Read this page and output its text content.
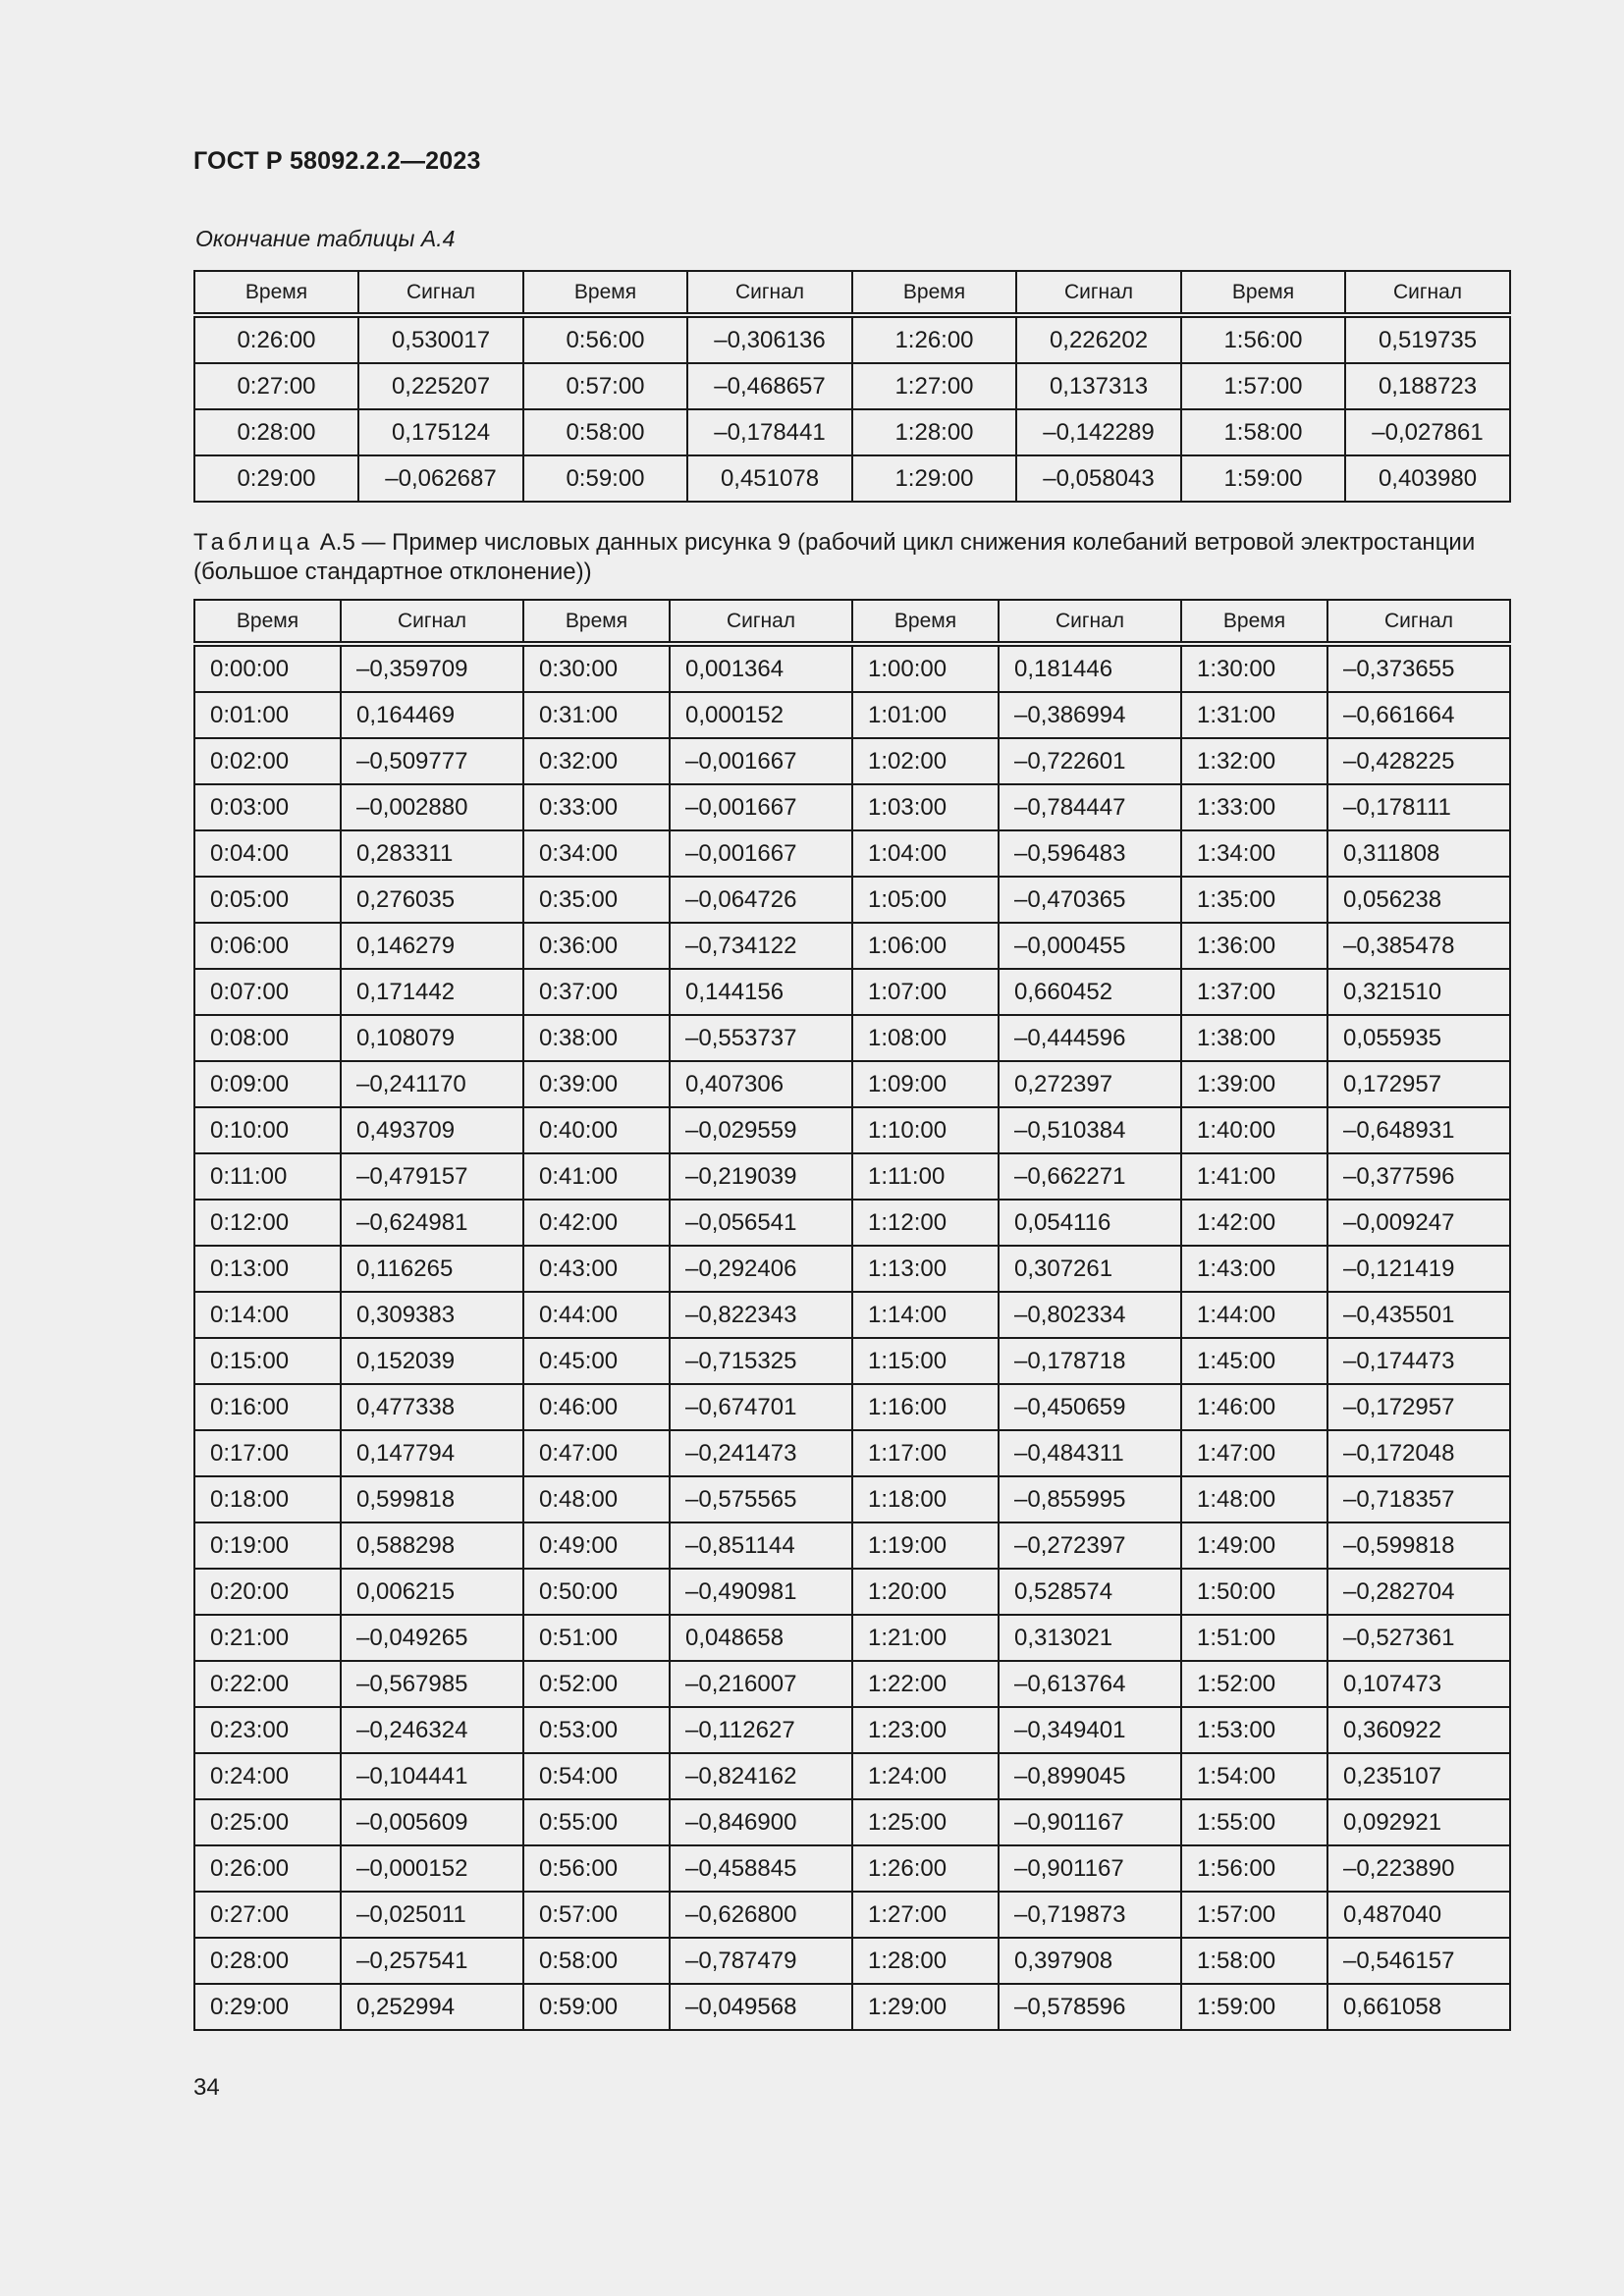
ГОСТ Р 58092.2.2—2023
Окончание таблицы А.4
Время	Сигнал	Время	Сигнал	Время	Сигнал	Время	Сигнал
0:26:00	0,530017	0:56:00	–0,306136	1:26:00	0,226202	1:56:00	0,519735
0:27:00	0,225207	0:57:00	–0,468657	1:27:00	0,137313	1:57:00	0,188723
0:28:00	0,175124	0:58:00	–0,178441	1:28:00	–0,142289	1:58:00	–0,027861
0:29:00	–0,062687	0:59:00	0,451078	1:29:00	–0,058043	1:59:00	0,403980
Таблица А.5 — Пример числовых данных рисунка 9 (рабочий цикл снижения колебаний ветровой электростанции (большое стандартное отклонение))
Время	Сигнал	Время	Сигнал	Время	Сигнал	Время	Сигнал
0:00:00	–0,359709	0:30:00	0,001364	1:00:00	0,181446	1:30:00	–0,373655
0:01:00	0,164469	0:31:00	0,000152	1:01:00	–0,386994	1:31:00	–0,661664
0:02:00	–0,509777	0:32:00	–0,001667	1:02:00	–0,722601	1:32:00	–0,428225
0:03:00	–0,002880	0:33:00	–0,001667	1:03:00	–0,784447	1:33:00	–0,178111
0:04:00	0,283311	0:34:00	–0,001667	1:04:00	–0,596483	1:34:00	0,311808
0:05:00	0,276035	0:35:00	–0,064726	1:05:00	–0,470365	1:35:00	0,056238
0:06:00	0,146279	0:36:00	–0,734122	1:06:00	–0,000455	1:36:00	–0,385478
0:07:00	0,171442	0:37:00	0,144156	1:07:00	0,660452	1:37:00	0,321510
0:08:00	0,108079	0:38:00	–0,553737	1:08:00	–0,444596	1:38:00	0,055935
0:09:00	–0,241170	0:39:00	0,407306	1:09:00	0,272397	1:39:00	0,172957
0:10:00	0,493709	0:40:00	–0,029559	1:10:00	–0,510384	1:40:00	–0,648931
0:11:00	–0,479157	0:41:00	–0,219039	1:11:00	–0,662271	1:41:00	–0,377596
0:12:00	–0,624981	0:42:00	–0,056541	1:12:00	0,054116	1:42:00	–0,009247
0:13:00	0,116265	0:43:00	–0,292406	1:13:00	0,307261	1:43:00	–0,121419
0:14:00	0,309383	0:44:00	–0,822343	1:14:00	–0,802334	1:44:00	–0,435501
0:15:00	0,152039	0:45:00	–0,715325	1:15:00	–0,178718	1:45:00	–0,174473
0:16:00	0,477338	0:46:00	–0,674701	1:16:00	–0,450659	1:46:00	–0,172957
0:17:00	0,147794	0:47:00	–0,241473	1:17:00	–0,484311	1:47:00	–0,172048
0:18:00	0,599818	0:48:00	–0,575565	1:18:00	–0,855995	1:48:00	–0,718357
0:19:00	0,588298	0:49:00	–0,851144	1:19:00	–0,272397	1:49:00	–0,599818
0:20:00	0,006215	0:50:00	–0,490981	1:20:00	0,528574	1:50:00	–0,282704
0:21:00	–0,049265	0:51:00	0,048658	1:21:00	0,313021	1:51:00	–0,527361
0:22:00	–0,567985	0:52:00	–0,216007	1:22:00	–0,613764	1:52:00	0,107473
0:23:00	–0,246324	0:53:00	–0,112627	1:23:00	–0,349401	1:53:00	0,360922
0:24:00	–0,104441	0:54:00	–0,824162	1:24:00	–0,899045	1:54:00	0,235107
0:25:00	–0,005609	0:55:00	–0,846900	1:25:00	–0,901167	1:55:00	0,092921
0:26:00	–0,000152	0:56:00	–0,458845	1:26:00	–0,901167	1:56:00	–0,223890
0:27:00	–0,025011	0:57:00	–0,626800	1:27:00	–0,719873	1:57:00	0,487040
0:28:00	–0,257541	0:58:00	–0,787479	1:28:00	0,397908	1:58:00	–0,546157
0:29:00	0,252994	0:59:00	–0,049568	1:29:00	–0,578596	1:59:00	0,661058
34
